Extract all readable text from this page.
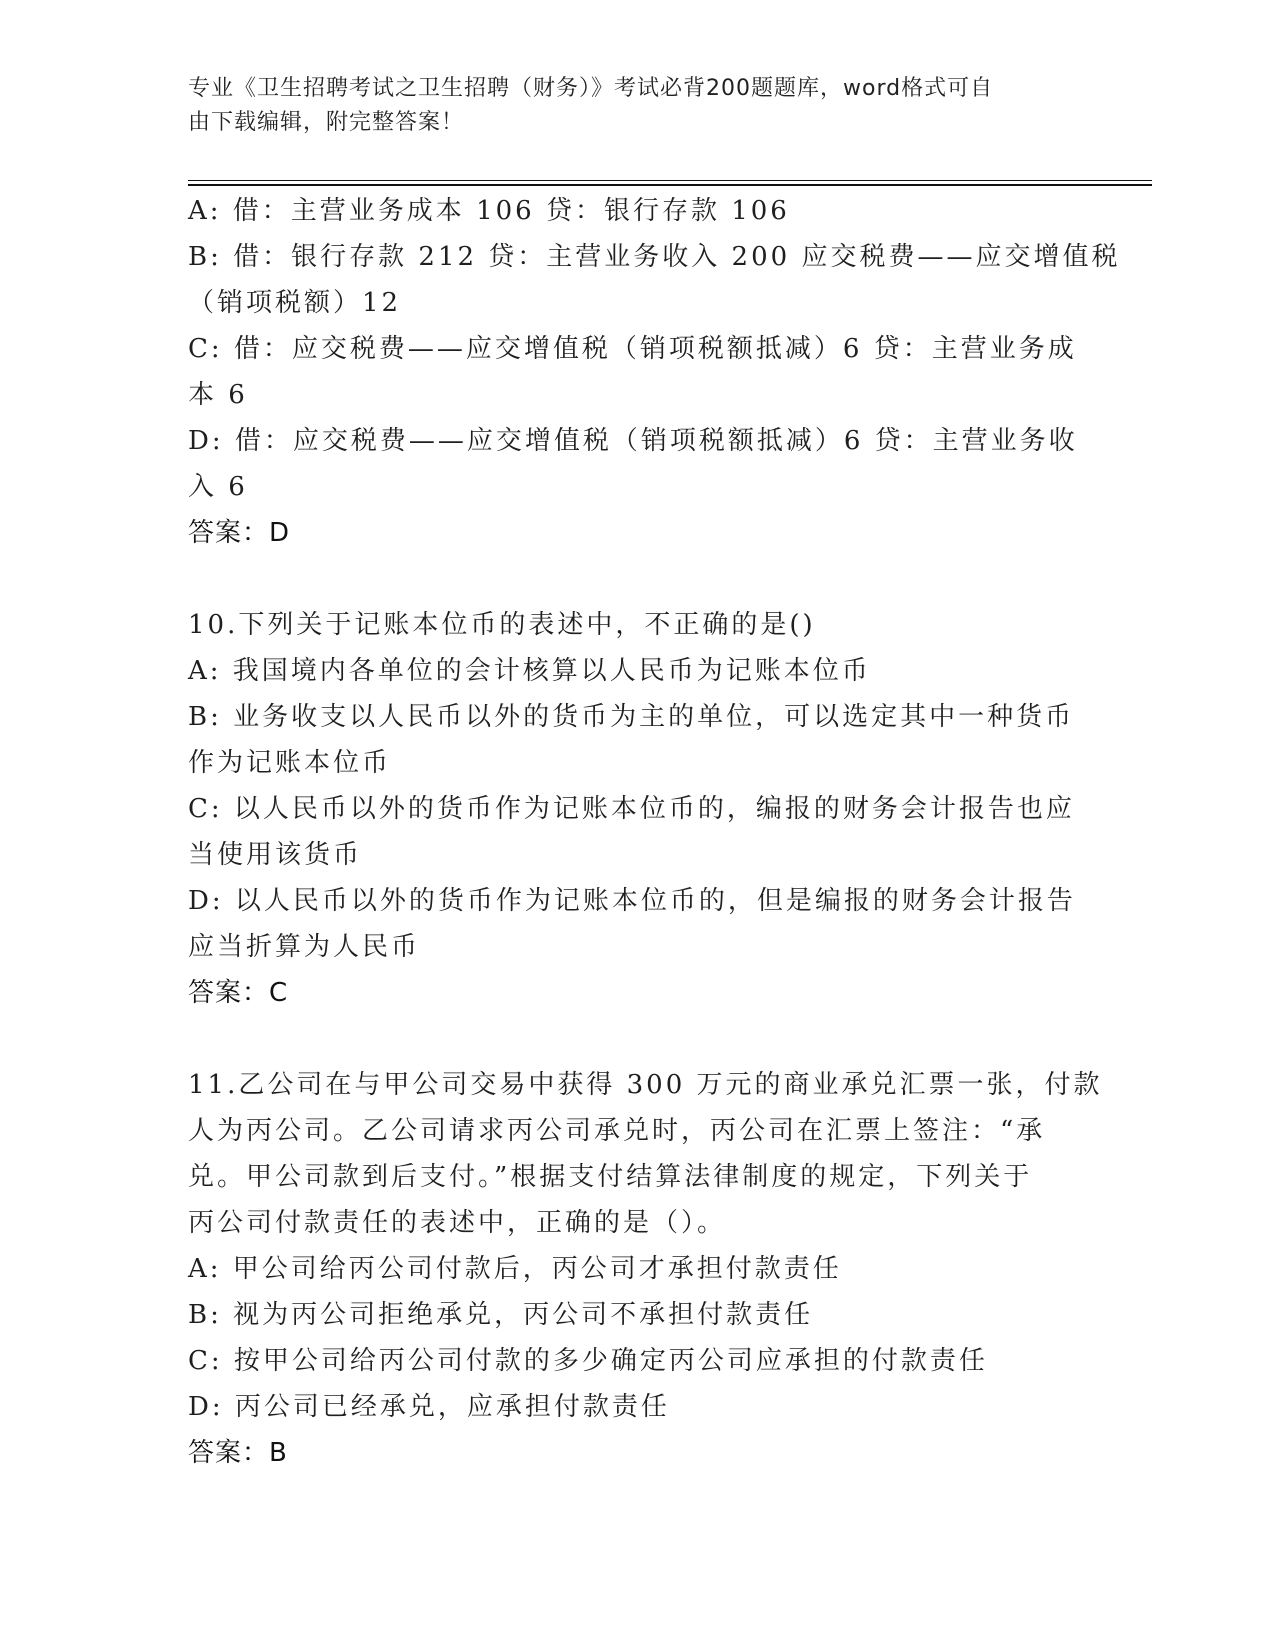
专业《卫生招聘考试之卫生招聘（财务）》考试必背200题题库，word格式可自
由下载编辑，附完整答案！
A: 借：主营业务成本 106 贷：银行存款 106
B: 借：银行存款 212 贷：主营业务收入 200 应交税费——应交增值税
（销项税额）12
C: 借：应交税费——应交增值税（销项税额抵减）6 贷：主营业务成
本 6
D: 借：应交税费——应交增值税（销项税额抵减）6 贷：主营业务收
入 6
答案：D
10.下列关于记账本位币的表述中，不正确的是()
A: 我国境内各单位的会计核算以人民币为记账本位币
B: 业务收支以人民币以外的货币为主的单位，可以选定其中一种货币
作为记账本位币
C: 以人民币以外的货币作为记账本位币的，编报的财务会计报告也应
当使用该货币
D: 以人民币以外的货币作为记账本位币的，但是编报的财务会计报告
应当折算为人民币
答案：C
11.乙公司在与甲公司交易中获得 300 万元的商业承兑汇票一张，付款
人为丙公司。乙公司请求丙公司承兑时，丙公司在汇票上签注：“承
兑。甲公司款到后支付。”根据支付结算法律制度的规定，下列关于
丙公司付款责任的表述中，正确的是（）。
A: 甲公司给丙公司付款后，丙公司才承担付款责任
B: 视为丙公司拒绝承兑，丙公司不承担付款责任
C: 按甲公司给丙公司付款的多少确定丙公司应承担的付款责任
D: 丙公司已经承兑，应承担付款责任
答案：B
